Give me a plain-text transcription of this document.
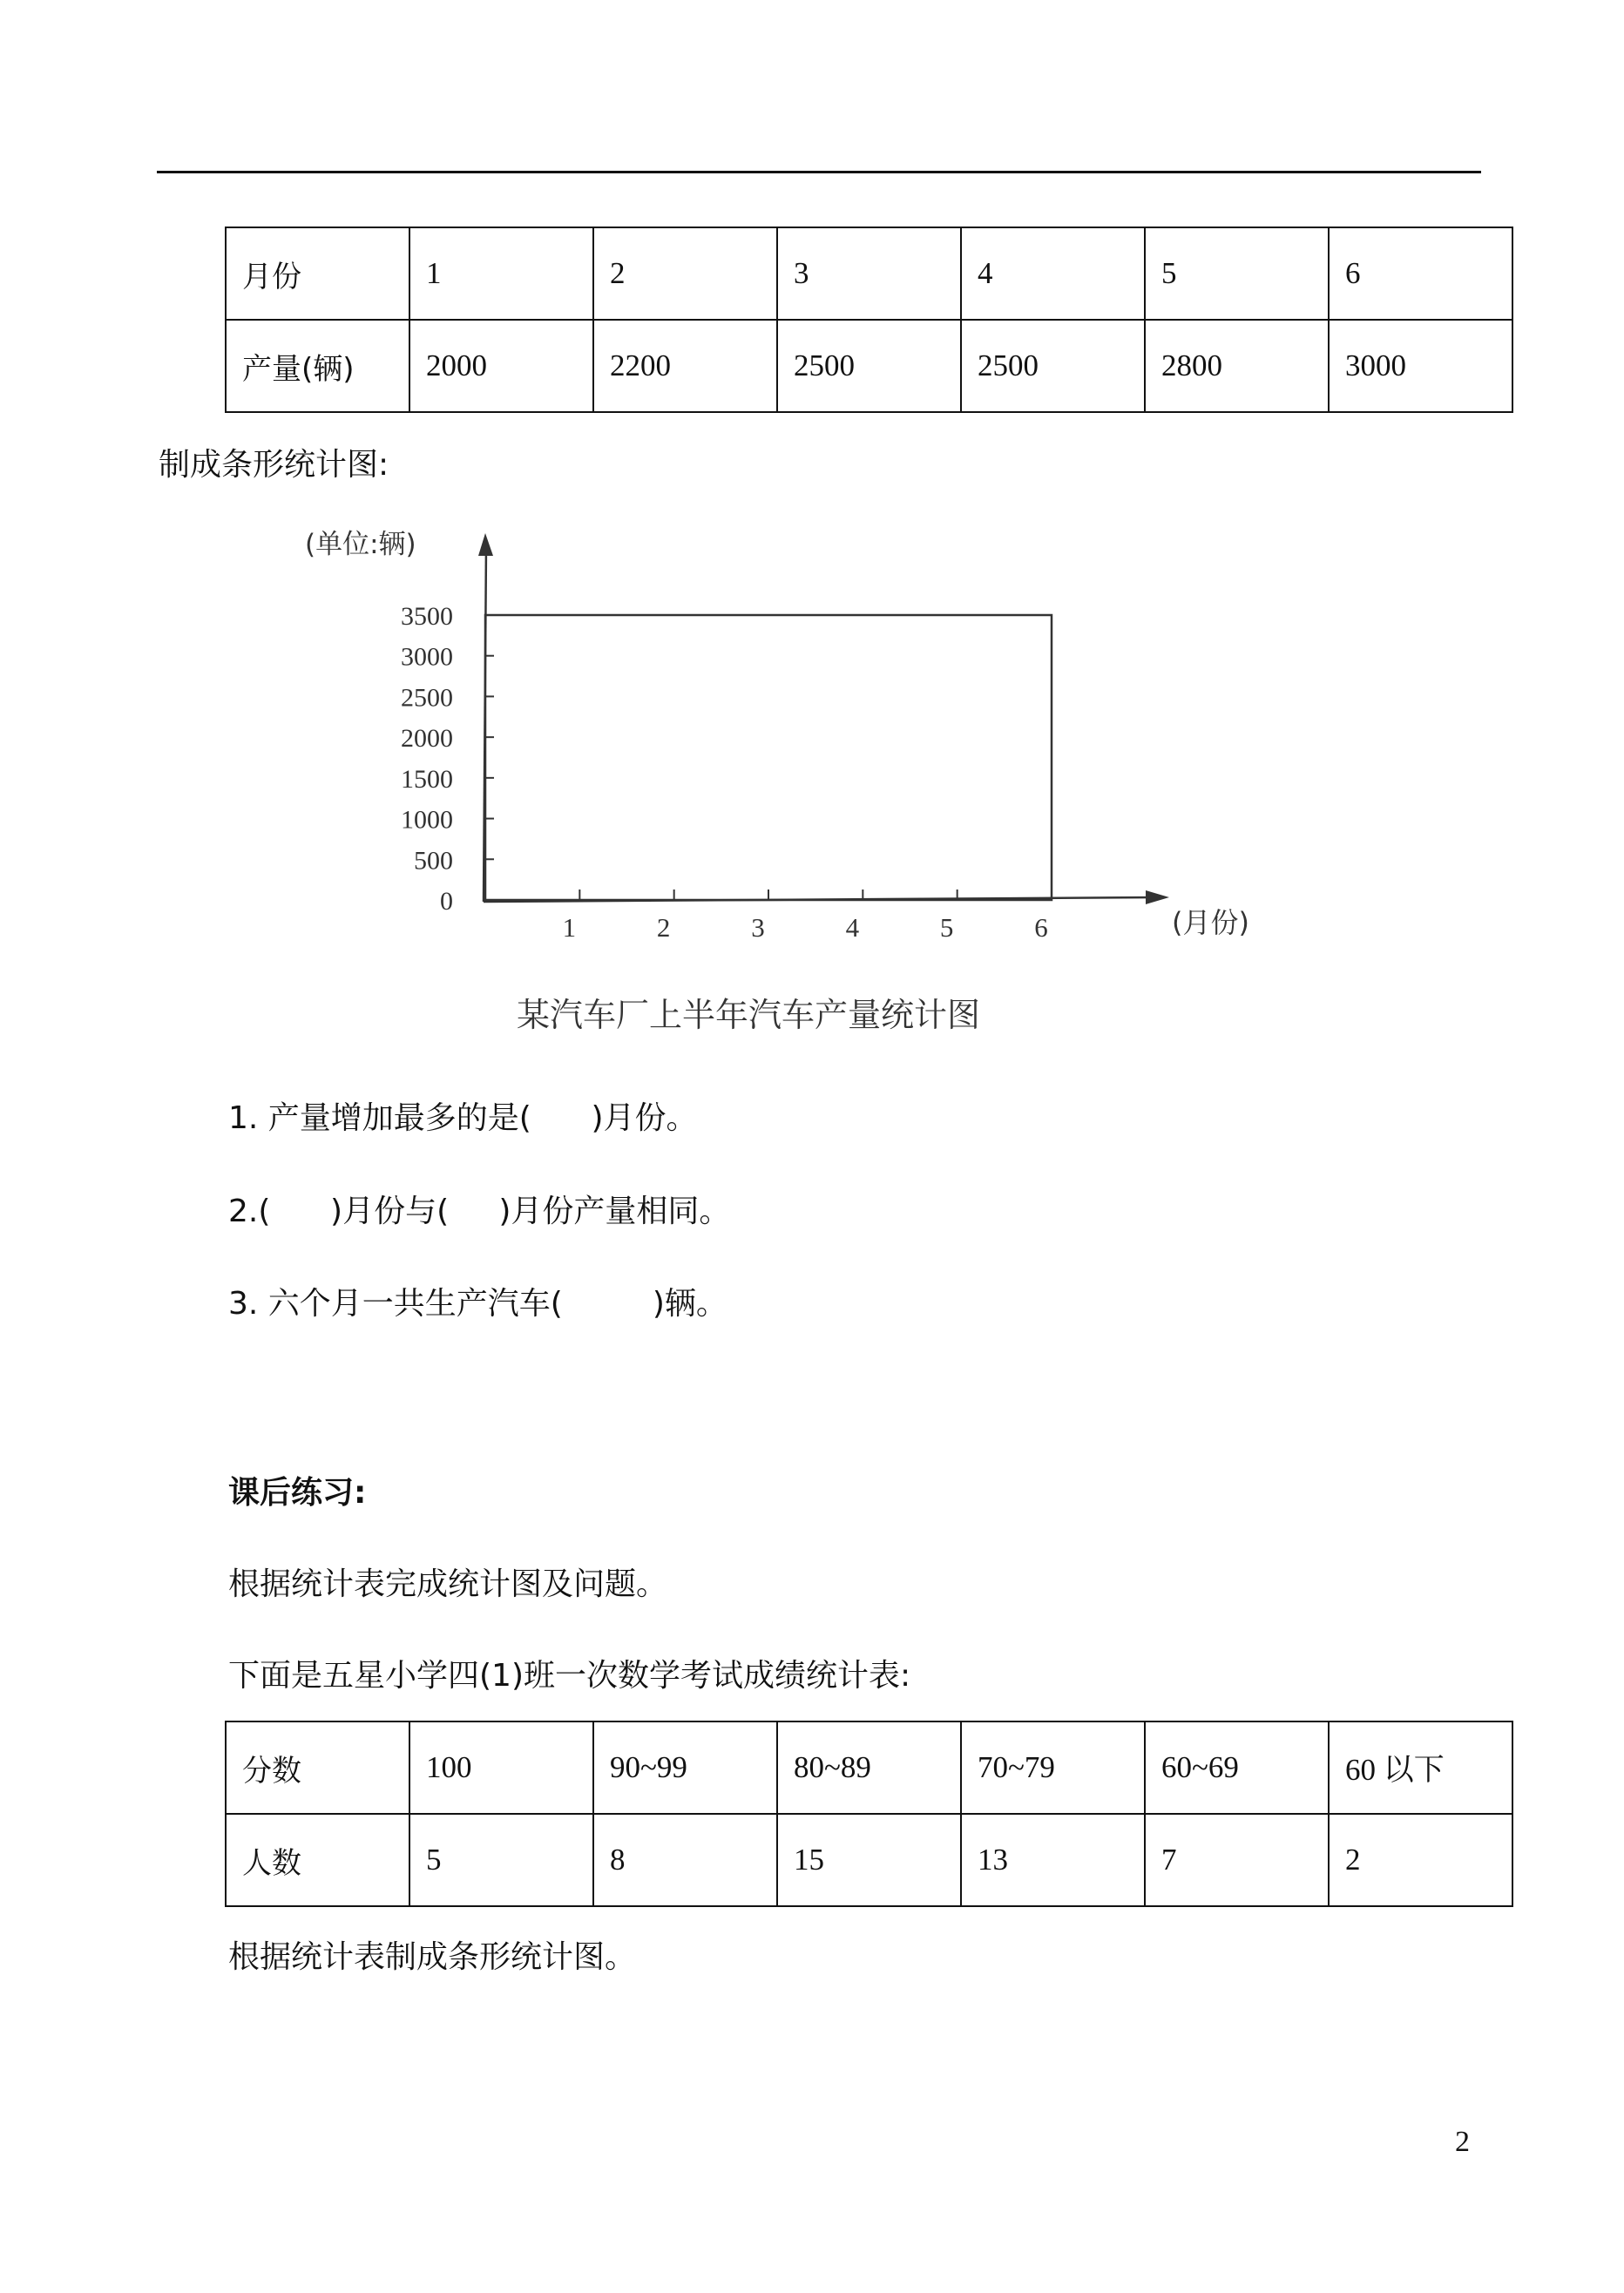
月份	1	2	3	4	5	6
产量(辆)	2000	2200	2500	2500	2800	3000
制成条形统计图:
(单位:辆)
0
500
1000
1500
2000
2500
3000
3500
1	2	3	4	5	6	(月份)
某汽车厂上半年汽车产量统计图
1. 产量增加最多的是(      )月份。
2.(      )月份与(     )月份产量相同。
3. 六个月一共生产汽车(         )辆。
课后练习:
根据统计表完成统计图及问题。
下面是五星小学四(1)班一次数学考试成绩统计表:
分数	100	90~99	80~89	70~79	60~69	60 以下
人数	5	8	15	13	7	2
根据统计表制成条形统计图。
2
